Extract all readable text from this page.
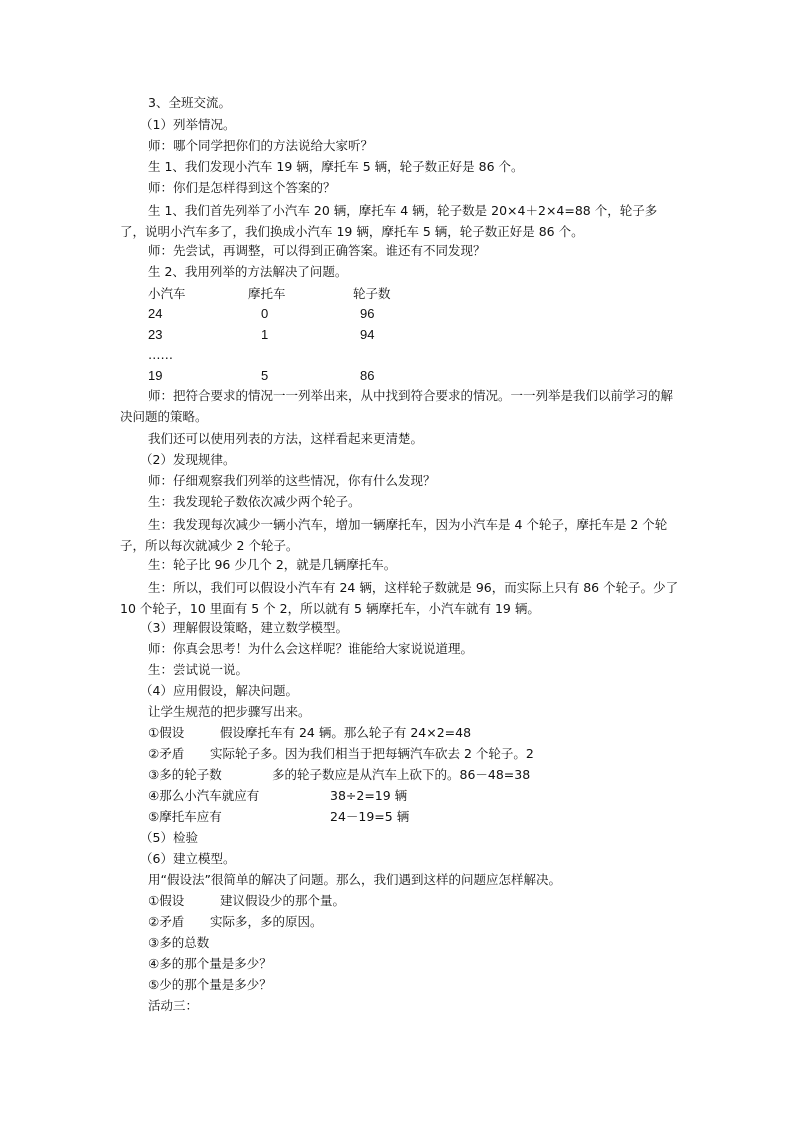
3、全班交流。
（1）列举情况。
师：哪个同学把你们的方法说给大家听？
生 1、我们发现小汽车 19 辆，摩托车 5 辆，轮子数正好是 86 个。
师：你们是怎样得到这个答案的？
生 1、我们首先列举了小汽车 20 辆，摩托车 4 辆，轮子数是 20×4＋2×4=88 个，轮子多了，说明小汽车多了，我们换成小汽车 19 辆，摩托车 5 辆，轮子数正好是 86 个。
师：先尝试，再调整，可以得到正确答案。谁还有不同发现？
生 2、我用列举的方法解决了问题。
小汽车	摩托车	轮子数
24	0	96
23	1	94
……
19	5	86
师：把符合要求的情况一一列举出来，从中找到符合要求的情况。一一列举是我们以前学习的解决问题的策略。
我们还可以使用列表的方法，这样看起来更清楚。
（2）发现规律。
师：仔细观察我们列举的这些情况，你有什么发现？
生：我发现轮子数依次减少两个轮子。
生：我发现每次减少一辆小汽车，增加一辆摩托车，因为小汽车是 4 个轮子，摩托车是 2 个轮子，所以每次就减少 2 个轮子。
生：轮子比 96 少几个 2，就是几辆摩托车。
生：所以，我们可以假设小汽车有 24 辆，这样轮子数就是 96，而实际上只有 86 个轮子。少了 10 个轮子，10 里面有 5 个 2，所以就有 5 辆摩托车，小汽车就有 19 辆。
（3）理解假设策略，建立数学模型。
师：你真会思考！为什么会这样呢？谁能给大家说说道理。
生：尝试说一说。
（4）应用假设，解决问题。
让学生规范的把步骤写出来。
①假设	假设摩托车有 24 辆。那么轮子有 24×2=48
②矛盾 实际轮子多。因为我们相当于把每辆汽车砍去 2 个轮子。2
③多的轮子数	多的轮子数应是从汽车上砍下的。86－48=38
④那么小汽车就应有	38÷2=19 辆
⑤摩托车应有	24－19=5 辆
（5）检验
（6）建立模型。
用“假设法”很简单的解决了问题。那么，我们遇到这样的问题应怎样解决。
①假设	建议假设少的那个量。
②矛盾 实际多，多的原因。
③多的总数
④多的那个量是多少？
⑤少的那个量是多少？
活动三：
